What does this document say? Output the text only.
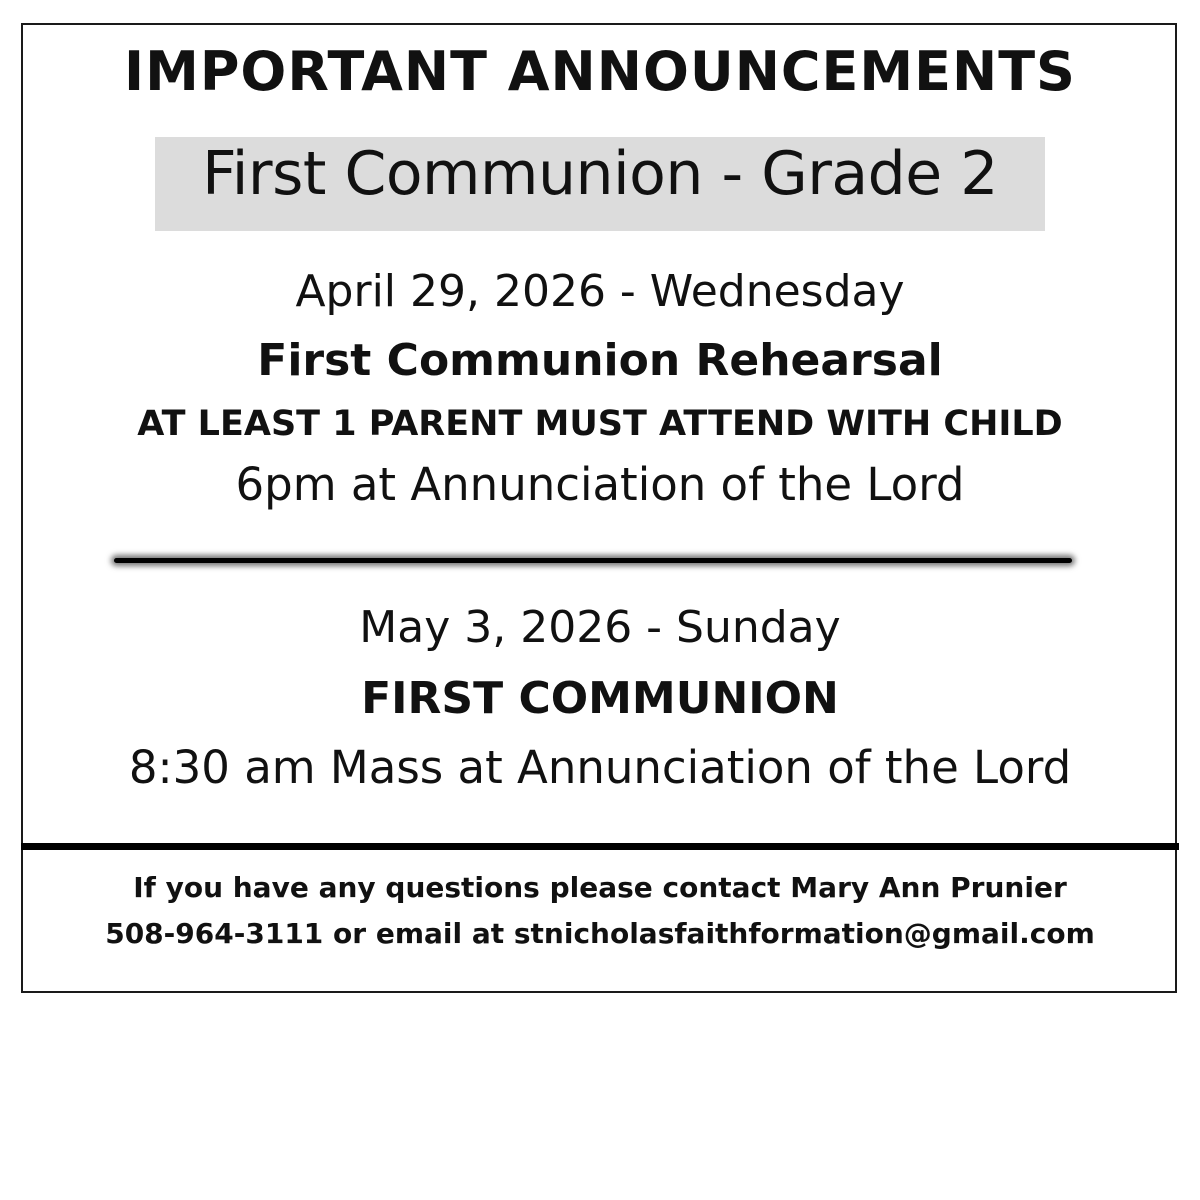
IMPORTANT ANNOUNCEMENTS
First Communion - Grade 2
April 29, 2026 - Wednesday
First Communion Rehearsal
AT LEAST 1 PARENT MUST ATTEND WITH CHILD
6pm at Annunciation of the Lord
May 3, 2026 - Sunday
FIRST COMMUNION
8:30 am Mass at Annunciation of the Lord
If you have any questions please contact Mary Ann Prunier
508-964-3111 or email at stnicholasfaithformation@gmail.com
